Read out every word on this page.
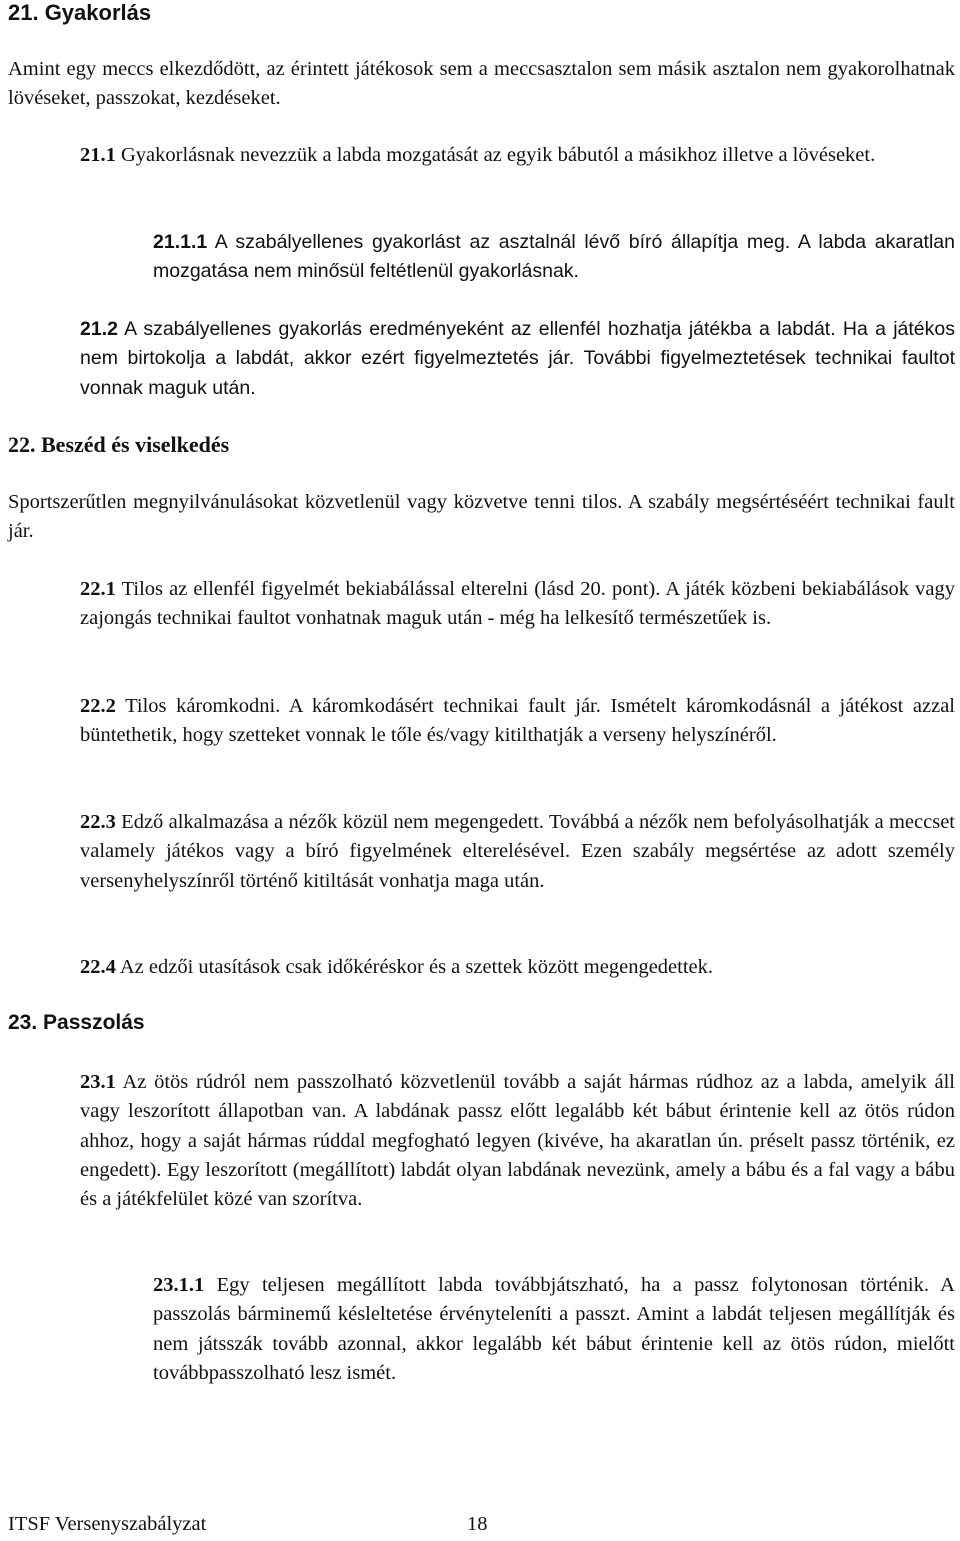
21. Gyakorlás
Amint egy meccs elkezdődött, az érintett játékosok sem a meccsasztalon sem másik asztalon nem gyakorolhatnak lövéseket, passzokat, kezdéseket.
21.1 Gyakorlásnak nevezzük a labda mozgatását az egyik bábutól a másikhoz illetve a lövéseket.
21.1.1 A szabályellenes gyakorlást az asztalnál lévő bíró állapítja meg. A labda akaratlan mozgatása nem minősül feltétlenül gyakorlásnak.
21.2 A szabályellenes gyakorlás eredményeként az ellenfél hozhatja játékba a labdát. Ha a játékos nem birtokolja a labdát, akkor ezért figyelmeztetés jár. További figyelmeztetések technikai faultot vonnak maguk után.
22. Beszéd és viselkedés
Sportszerűtlen megnyilvánulásokat közvetlenül vagy közvetve tenni tilos. A szabály megsértéséért technikai fault jár.
22.1 Tilos az ellenfél figyelmét bekiabálással elterelni (lásd 20. pont). A játék közbeni bekiabálások vagy zajongás technikai faultot vonhatnak maguk után - még ha lelkesítő természetűek is.
22.2 Tilos káromkodni. A káromkodásért technikai fault jár. Ismételt káromkodásnál a játékost azzal büntethetik, hogy szetteket vonnak le tőle és/vagy kitilthatják a verseny helyszínéről.
22.3 Edző alkalmazása a nézők közül nem megengedett. Továbbá a nézők nem befolyásolhatják a meccset valamely játékos vagy a bíró figyelmének elterelésével. Ezen szabály megsértése az adott személy versenyhelyszínről történő kitiltását vonhatja maga után.
22.4 Az edzői utasítások csak időkéréskor és a szettek között megengedettek.
23. Passzolás
23.1 Az ötös rúdról nem passzolható közvetlenül tovább a saját hármas rúdhoz az a labda, amelyik áll vagy leszorított állapotban van. A labdának passz előtt legalább két bábut érintenie kell az ötös rúdon ahhoz, hogy a saját hármas rúddal megfogható legyen (kivéve, ha akaratlan ún. préselt passz történik, ez engedett). Egy leszorított (megállított) labdát olyan labdának nevezünk, amely a bábu és a fal vagy a bábu és a játékfelület közé van szorítva.
23.1.1 Egy teljesen megállított labda továbbjátszható, ha a passz folytonosan történik. A passzolás bárminemű késleltetése érvényteleníti a passzt. Amint a labdát teljesen megállítják és nem játsszák tovább azonnal, akkor legalább két bábut érintenie kell az ötös rúdon, mielőtt továbbpasszolható lesz ismét.
ITSF Versenyszabályzat	18
